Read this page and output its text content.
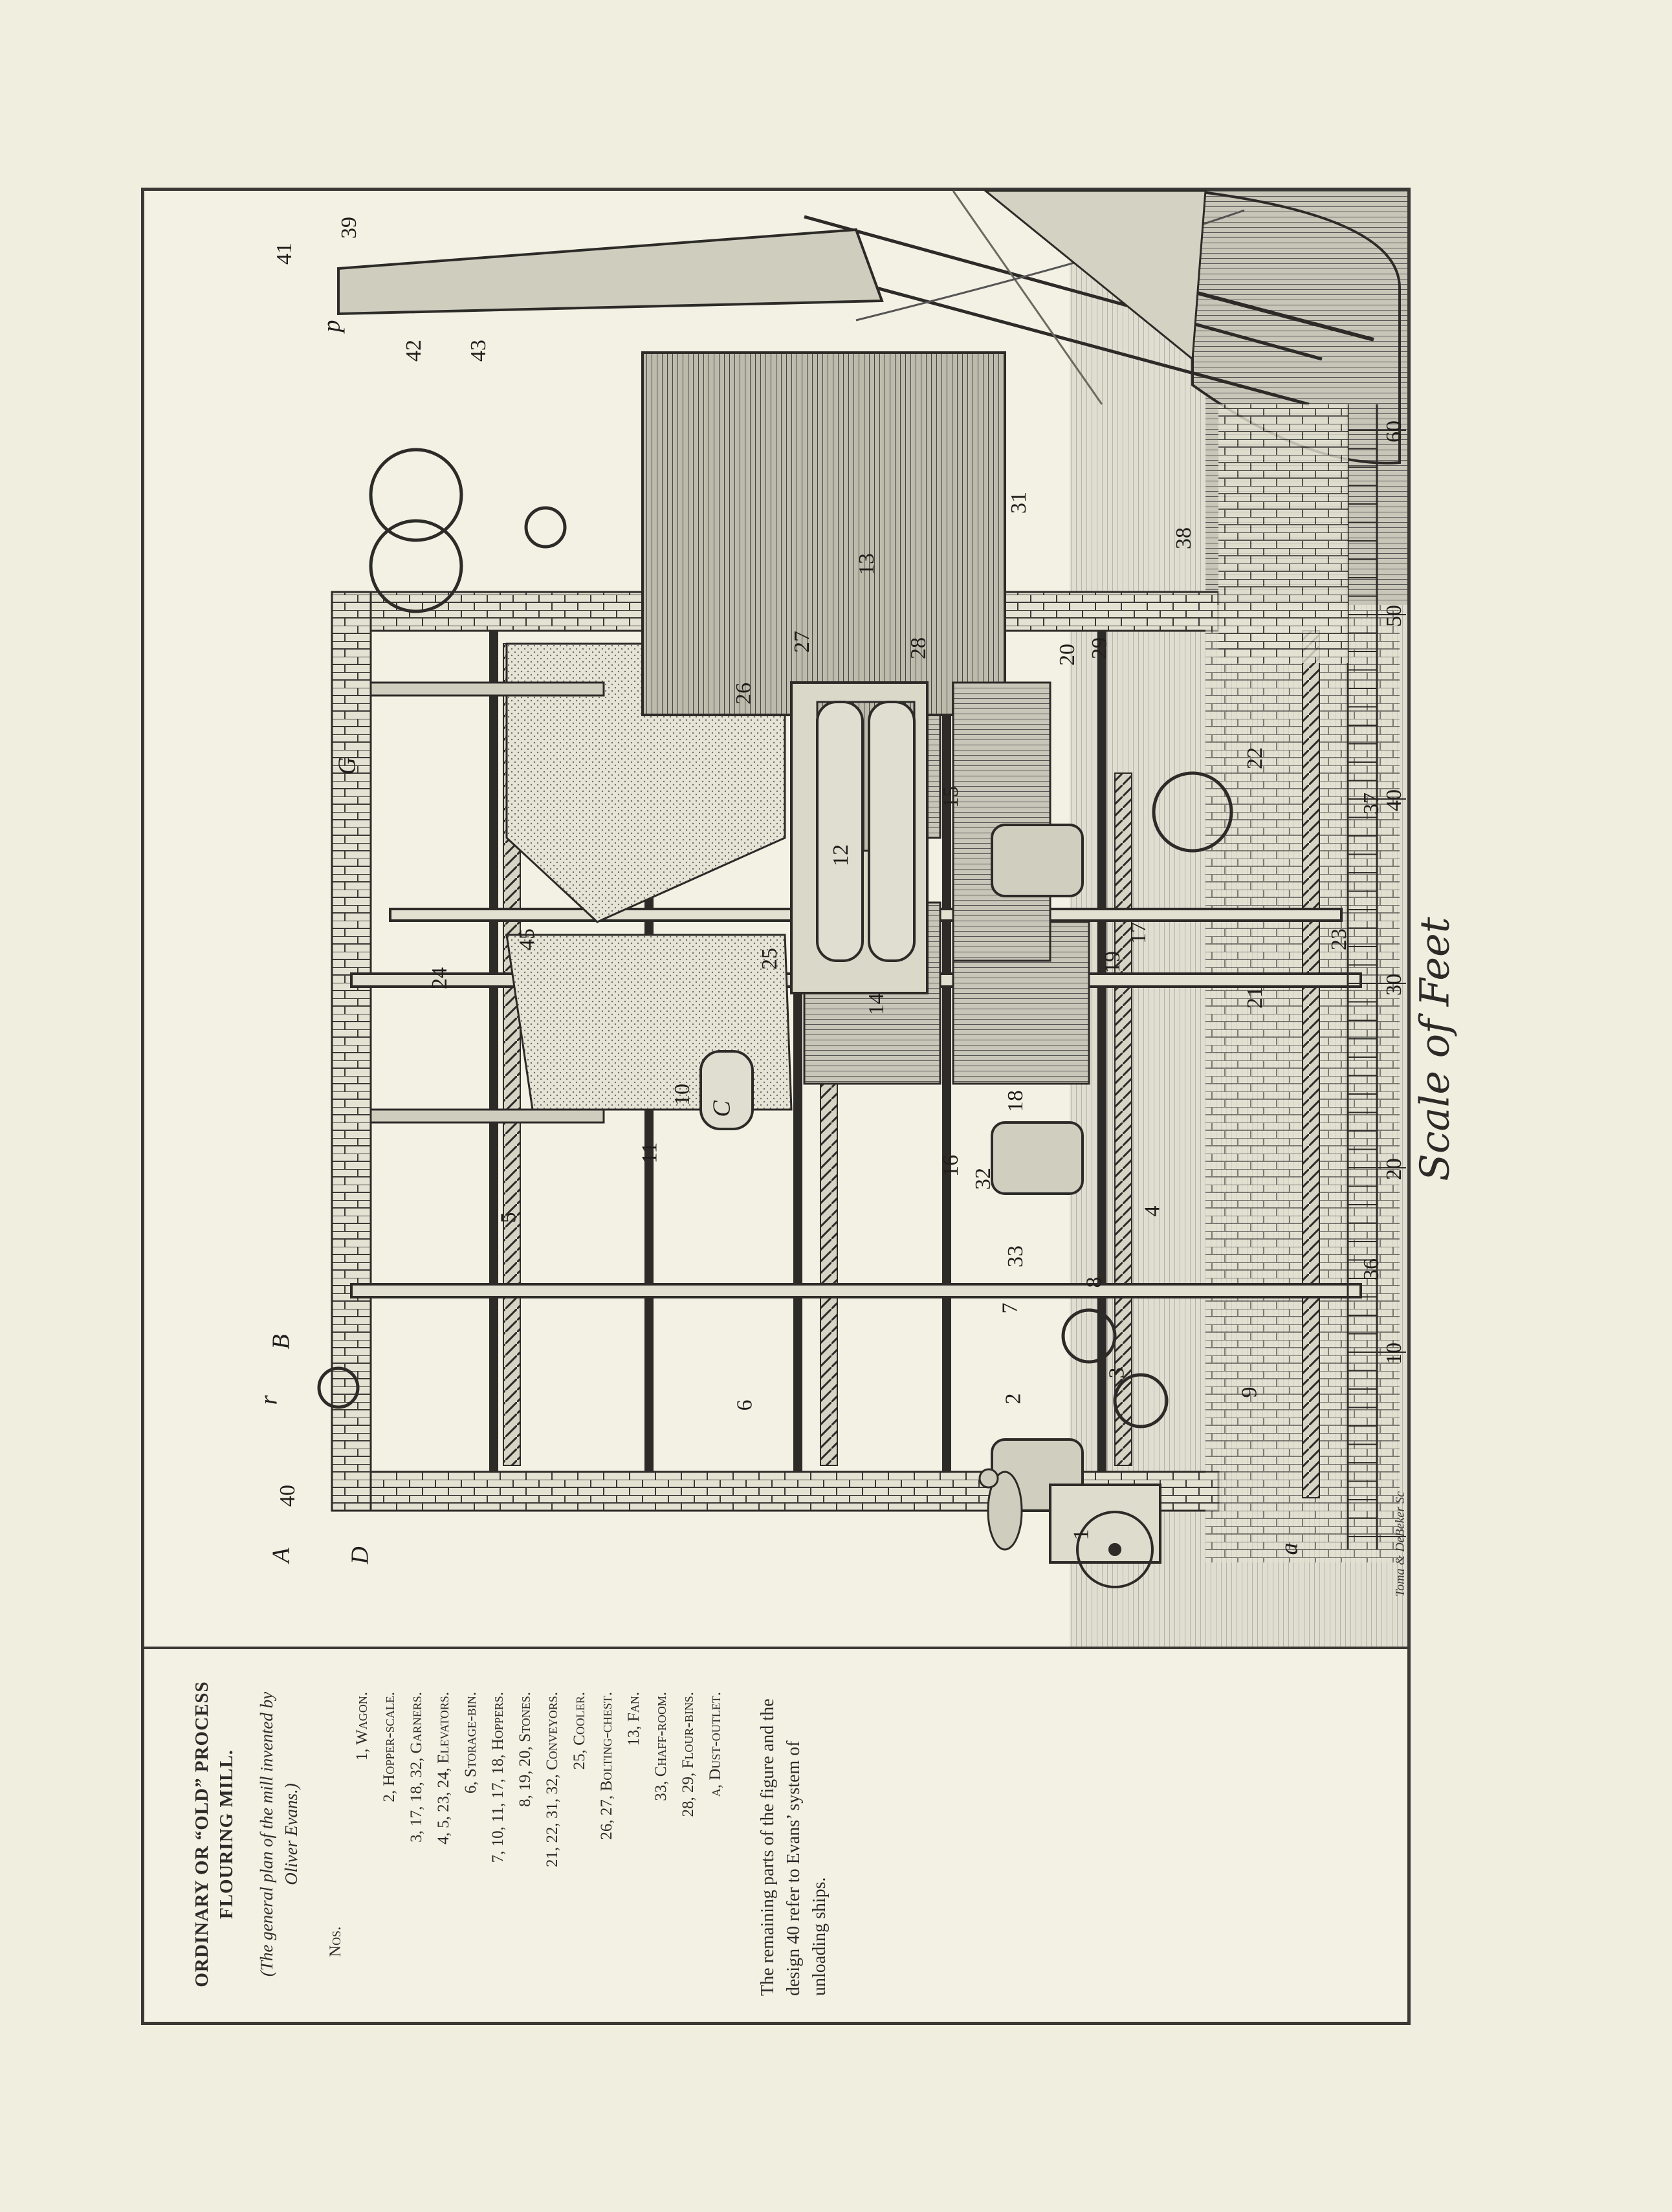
1
2
3
4
5
6
7
8
9
10
11
12
13
14
15
16
17
18
19
20
21
22
23
24
25
26
27	28	29
31
32
33
36
37
38
39
40
41
42 43
45
A
B
C
D
G
a
p
r
Scale of Feet
Toma & DeBeker Sc
60
50
40
30
20
10
ORDINARY OR “OLD” PROCESS FLOURING MILL. (The general plan of the mill invented by Oliver Evans.)
Nos.
1, Wagon.
2, Hopper-scale.
3, 17, 18, 32, Garners.
4, 5, 23, 24, Elevators.
6, Storage-bin.
7, 10, 11, 17, 18, Hoppers.
8, 19, 20, Stones.
21, 22, 31, 32, Conveyors. 25, Cooler.
26, 27, Bolting-chest. 13, Fan.
33, Chaff-room.
28, 29, Flour-bins.
a, Dust-outlet. The remaining parts of the figure and the design 40 refer to Evans’ system of unloading ships.
